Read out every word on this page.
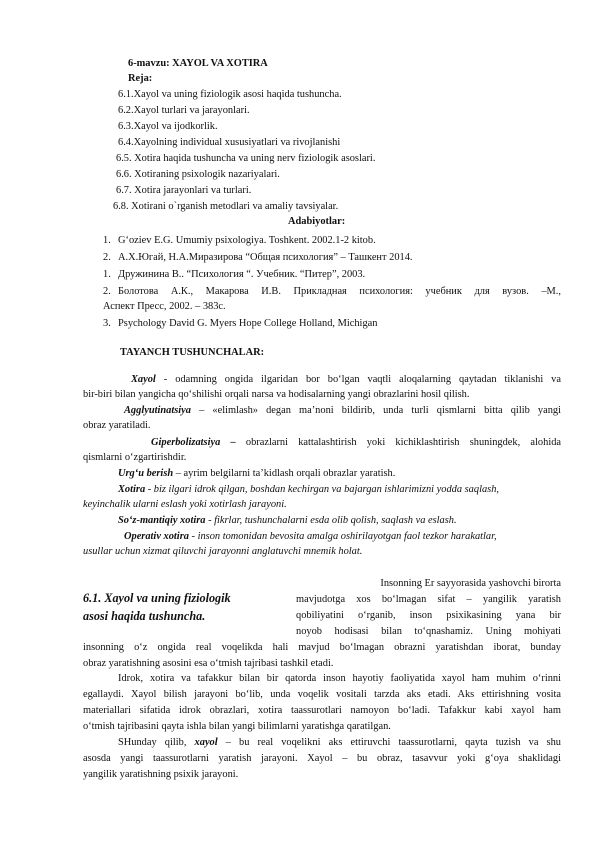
6-mavzu: XAYOL VA XOTIRA
Reja:
6.1.Xayol va uning fiziologik asosi haqida tushuncha.
6.2.Xayol turlari va jarayonlari.
6.3.Xayol va ijodkorlik.
6.4.Xayolning individual xususiyatlari va rivojlanishi
6.5. Xotira haqida tushuncha va uning nerv fiziologik asoslari.
6.6. Xotiraning psixologik nazariyalari.
6.7. Xotira jarayonlari va turlari.
6.8. Xotirani o`rganish metodlari va amaliy tavsiyalar.
Adabiyotlar:
1. G‘oziev E.G. Umumiy psixologiya. Toshkent. 2002.1-2 kitob.
2. А.Х.Югай, Н.А.Миразирова “Общая психология” – Ташкент 2014.
1. Дружинина В.. “Психология “. Учебник. “Питер”, 2003.
2. Болотова А.К., Макарова И.В. Прикладная психология: учебник для вузов. –М.,
Аспект Пресс, 2002. – 383с.
3. Psychology David G. Myers Hope College Holland, Michigan
TAYANCH TUSHUNCHALAR:
Xayol - odamning ongida ilgaridan bor bo‘lgan vaqtli aloqalarning qaytadan tiklanishi va
bir-biri bilan yangicha qo‘shilishi orqali narsa va hodisalarning yangi obrazlarini hosil qilish.
Agglyutinatsiya – «elimlash» degan ma’noni bildirib, unda turli qismlarni bitta qilib yangi
obraz yaratiladi.
Giperbolizatsiya – obrazlarni kattalashtirish yoki kichiklashtirish shuningdek, alohida
qismlarni o‘zgartirishdir.
Urg‘u berish – ayrim belgilarni ta’kidlash orqali obrazlar yaratish.
Xotira - biz ilgari idrok qilgan, boshdan kechirgan va bajargan ishlarimizni yodda saqlash,
keyinchalik ularni eslash yoki xotirlash jarayoni.
So‘z-mantiqiy xotira - fikrlar, tushunchalarni esda olib qolish, saqlash va eslash.
Operativ xotira - inson tomonidan bevosita amalga oshirilayotgan faol tezkor harakatlar,
usullar uchun xizmat qiluvchi jarayonni anglatuvchi mnemik holat.
6.1. Xayol va uning fiziologik
asosi haqida tushuncha.
Insonning Er sayyorasida yashovchi birorta
mavjudotga xos bo‘lmagan sifat – yangilik yaratish
qobiliyatini o‘rganib, inson psixikasining yana bir
noyob hodisasi bilan to‘qnashamiz. Uning mohiyati
insonning o‘z ongida real voqelikda hali mavjud bo‘lmagan obrazni yaratishdan iborat, bunday
obraz yaratishning asosini esa o‘tmish tajribasi tashkil etadi.
Idrok, xotira va tafakkur bilan bir qatorda inson hayotiy faoliyatida xayol ham muhim o‘rinni
egallaydi. Xayol bilish jarayoni bo‘lib, unda voqelik vositali tarzda aks etadi. Aks ettirishning vosita
materiallari sifatida idrok obrazlari, xotira taassurotlari namoyon bo‘ladi. Tafakkur kabi xayol ham
o‘tmish tajribasini qayta ishla bilan yangi bilimlarni yaratishga qaratilgan.
SHunday qilib, xayol – bu real voqelikni aks ettiruvchi taassurotlarni, qayta tuzish va shu
asosda yangi taassurotlarni yaratish jarayoni. Xayol – bu obraz, tasavvur yoki g‘oya shaklidagi
yangilik yaratishning psixik jarayoni.
